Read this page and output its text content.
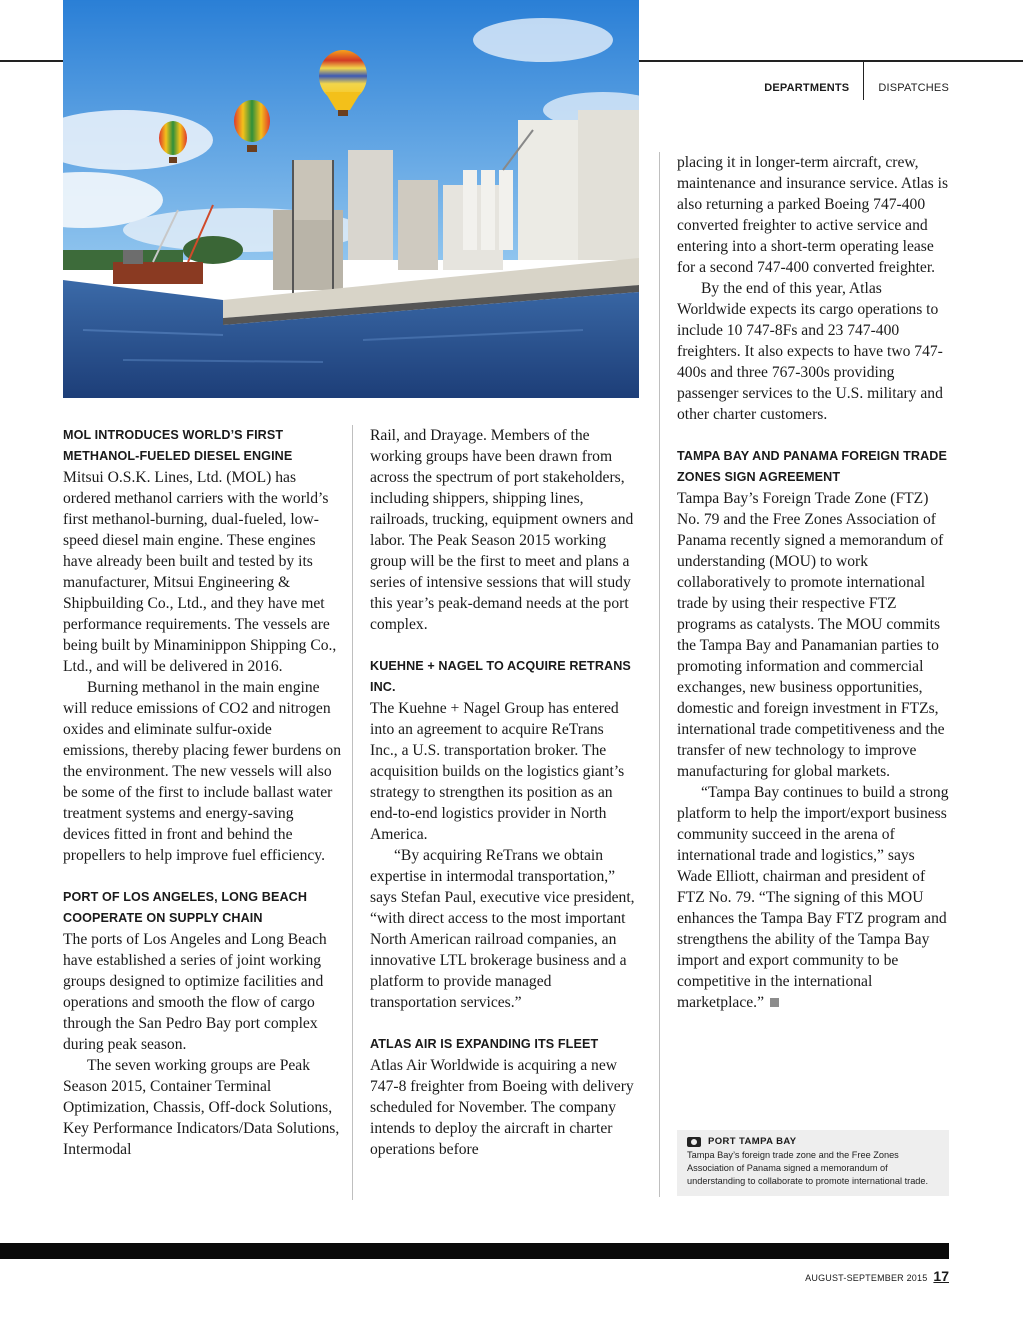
DEPARTMENTS	DISPATCHES
MOL INTRODUCES WORLD’S FIRST METHANOL-FUELED DIESEL ENGINE

Mitsui O.S.K. Lines, Ltd. (MOL) has ordered methanol carriers with the world’s first methanol-burning, dual-fueled, low-speed diesel main engine. These engines have already been built and tested by its manufacturer, Mitsui Engineering & Shipbuilding Co., Ltd., and they have met performance requirements. The vessels are being built by Minaminippon Shipping Co., Ltd., and will be delivered in 2016.

Burning methanol in the main engine will reduce emissions of CO2 and nitrogen oxides and eliminate sulfur-oxide emissions, thereby placing fewer burdens on the environment. The new vessels will also be some of the first to include ballast water treatment systems and energy-saving devices fitted in front and behind the propellers to help improve fuel efficiency.

PORT OF LOS ANGELES, LONG BEACH COOPERATE ON SUPPLY CHAIN

The ports of Los Angeles and Long Beach have established a series of joint working groups designed to optimize facilities and operations and smooth the flow of cargo through the San Pedro Bay port complex during peak season.

The seven working groups are Peak Season 2015, Container Terminal Optimization, Chassis, Off-dock Solutions, Key Performance Indicators/Data Solutions, Intermodal

Rail, and Drayage. Members of the working groups have been drawn from across the spectrum of port stakeholders, including shippers, shipping lines, railroads, trucking, equipment owners and labor. The Peak Season 2015 working group will be the first to meet and plans a series of intensive sessions that will study this year’s peak-demand needs at the port complex.

KUEHNE + NAGEL TO ACQUIRE RETRANS INC.

The Kuehne + Nagel Group has entered into an agreement to acquire ReTrans Inc., a U.S. transportation broker. The acquisition builds on the logistics giant’s strategy to strengthen its position as an end-to-end logistics provider in North America.

“By acquiring ReTrans we obtain expertise in intermodal transportation,” says Stefan Paul, executive vice president, “with direct access to the most important North American railroad companies, an innovative LTL brokerage business and a platform to provide managed transportation services.”

ATLAS AIR IS EXPANDING ITS FLEET

Atlas Air Worldwide is acquiring a new 747-8 freighter from Boeing with delivery scheduled for November. The company intends to deploy the aircraft in charter operations before

placing it in longer-term aircraft, crew, maintenance and insurance service. Atlas is also returning a parked Boeing 747-400 converted freighter to active service and entering into a short-term operating lease for a second 747-400 converted freighter.

By the end of this year, Atlas Worldwide expects its cargo operations to include 10 747-8Fs and 23 747-400 freighters. It also expects to have two 747-400s and three 767-300s providing passenger services to the U.S. military and other charter customers.

TAMPA BAY AND PANAMA FOREIGN TRADE ZONES SIGN AGREEMENT

Tampa Bay’s Foreign Trade Zone (FTZ) No. 79 and the Free Zones Association of Panama recently signed a memorandum of understanding (MOU) to work collaboratively to promote international trade by using their respective FTZ programs as catalysts. The MOU commits the Tampa Bay and Panamanian parties to promoting information and commercial exchanges, new business opportunities, domestic and foreign investment in FTZs, international trade competitiveness and the transfer of new technology to improve manufacturing for global markets.

“Tampa Bay continues to build a strong platform to help the import/export business community succeed in the arena of international trade and logistics,” says Wade Elliott, chairman and president of FTZ No. 79. “The signing of this MOU enhances the Tampa Bay FTZ program and strengthens the ability of the Tampa Bay import and export community to be competitive in the international marketplace.”

PORT TAMPA BAY
Tampa Bay’s foreign trade zone and the Free Zones Association of Panama signed a memorandum of understanding to collaborate to promote international trade.
AUGUST-SEPTEMBER 2015 17
